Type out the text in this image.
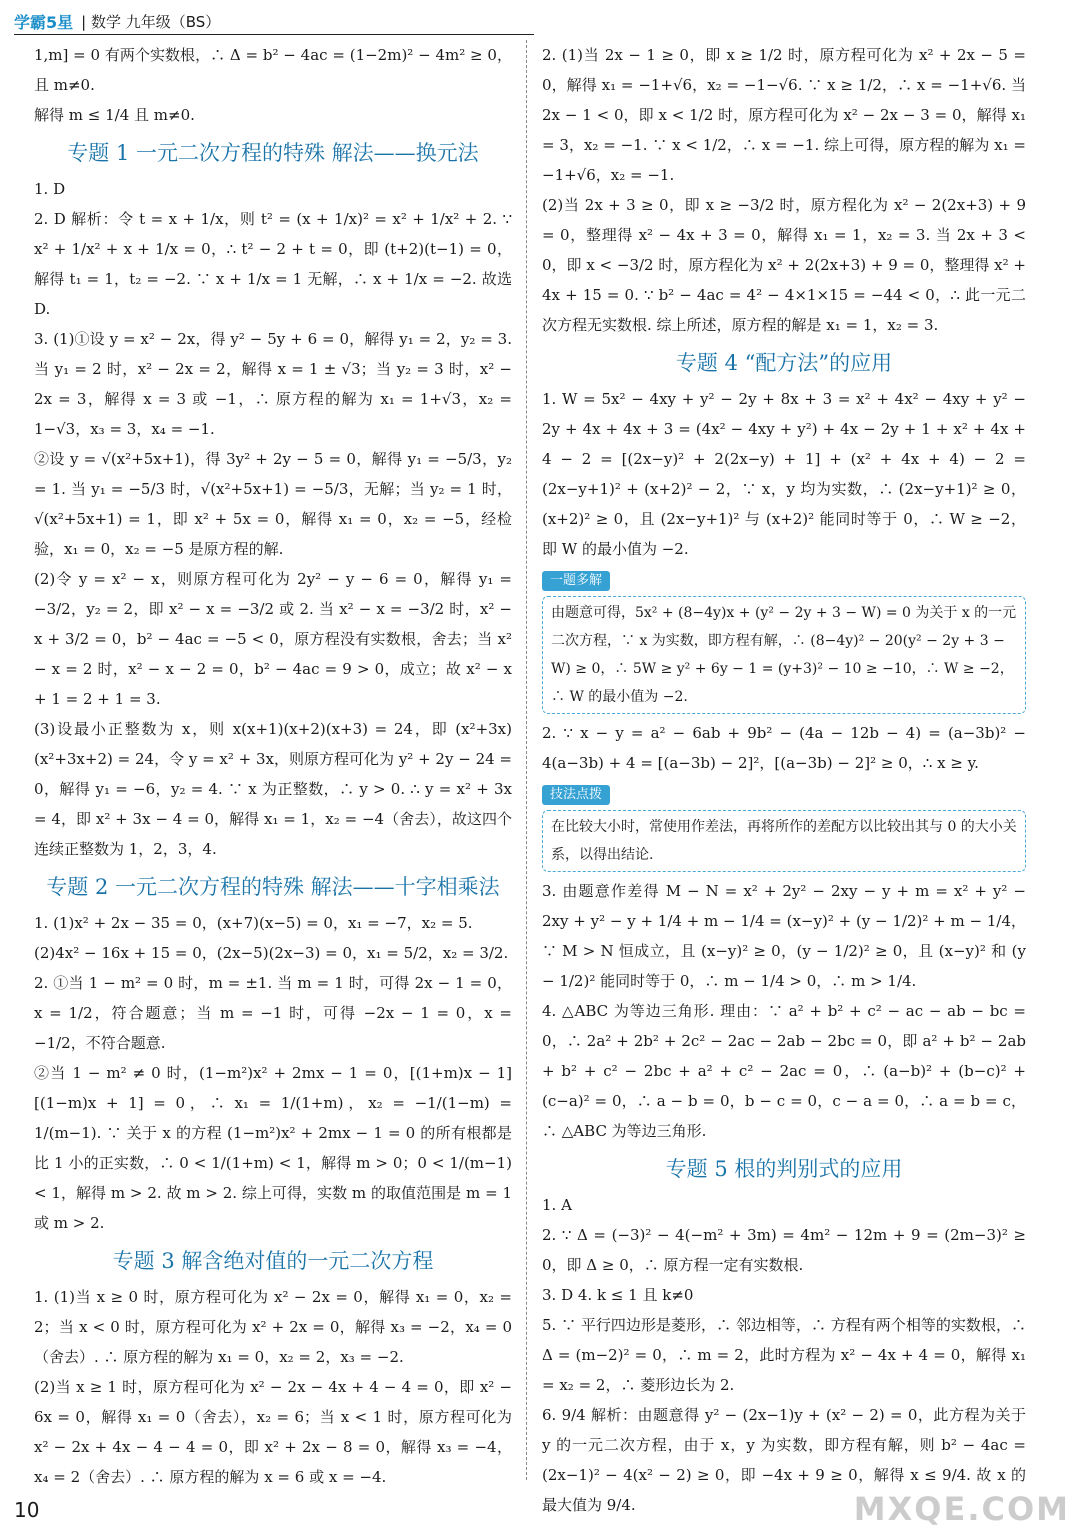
学霸5星 | 数学 九年级（BS）

1,m] = 0 有两个实数根，∴ Δ = b² − 4ac = (1−2m)² − 4m² ≥ 0，且 m≠0.

解得 m ≤ 1/4 且 m≠0.

专题 1 一元二次方程的特殊 解法——换元法

1. D

2. D 解析：令 t = x + 1/x，则 t² = (x + 1/x)² = x² + 1/x² + 2. ∵ x² + 1/x² + x + 1/x = 0，∴ t² − 2 + t = 0，即 (t+2)(t−1) = 0，解得 t₁ = 1，t₂ = −2. ∵ x + 1/x = 1 无解，∴ x + 1/x = −2. 故选 D.

3. (1)①设 y = x² − 2x，得 y² − 5y + 6 = 0，解得 y₁ = 2，y₂ = 3. 当 y₁ = 2 时，x² − 2x = 2，解得 x = 1 ± √3；当 y₂ = 3 时，x² − 2x = 3，解得 x = 3 或 −1，∴ 原方程的解为 x₁ = 1+√3，x₂ = 1−√3，x₃ = 3，x₄ = −1.

②设 y = √(x²+5x+1)，得 3y² + 2y − 5 = 0，解得 y₁ = −5/3，y₂ = 1. 当 y₁ = −5/3 时，√(x²+5x+1) = −5/3，无解；当 y₂ = 1 时，√(x²+5x+1) = 1，即 x² + 5x = 0，解得 x₁ = 0，x₂ = −5，经检验，x₁ = 0，x₂ = −5 是原方程的解.

(2)令 y = x² − x，则原方程可化为 2y² − y − 6 = 0，解得 y₁ = −3/2，y₂ = 2，即 x² − x = −3/2 或 2. 当 x² − x = −3/2 时，x² − x + 3/2 = 0，b² − 4ac = −5 < 0，原方程没有实数根，舍去；当 x² − x = 2 时，x² − x − 2 = 0，b² − 4ac = 9 > 0，成立；故 x² − x + 1 = 2 + 1 = 3.

(3)设最小正整数为 x，则 x(x+1)(x+2)(x+3) = 24，即 (x²+3x)(x²+3x+2) = 24，令 y = x² + 3x，则原方程可化为 y² + 2y − 24 = 0，解得 y₁ = −6，y₂ = 4. ∵ x 为正整数，∴ y > 0. ∴ y = x² + 3x = 4，即 x² + 3x − 4 = 0，解得 x₁ = 1，x₂ = −4（舍去），故这四个连续正整数为 1，2，3，4.

专题 2 一元二次方程的特殊 解法——十字相乘法

1. (1)x² + 2x − 35 = 0，(x+7)(x−5) = 0，x₁ = −7，x₂ = 5.

(2)4x² − 16x + 15 = 0，(2x−5)(2x−3) = 0，x₁ = 5/2，x₂ = 3/2.

2. ①当 1 − m² = 0 时，m = ±1. 当 m = 1 时，可得 2x − 1 = 0，x = 1/2，符合题意；当 m = −1 时，可得 −2x − 1 = 0，x = −1/2，不符合题意.

②当 1 − m² ≠ 0 时，(1−m²)x² + 2mx − 1 = 0，[(1+m)x − 1][(1−m)x + 1] = 0，∴ x₁ = 1/(1+m)，x₂ = −1/(1−m) = 1/(m−1). ∵ 关于 x 的方程 (1−m²)x² + 2mx − 1 = 0 的所有根都是比 1 小的正实数，∴ 0 < 1/(1+m) < 1，解得 m > 0；0 < 1/(m−1) < 1，解得 m > 2. 故 m > 2. 综上可得，实数 m 的取值范围是 m = 1 或 m > 2.

专题 3 解含绝对值的一元二次方程

1. (1)当 x ≥ 0 时，原方程可化为 x² − 2x = 0，解得 x₁ = 0，x₂ = 2；当 x < 0 时，原方程可化为 x² + 2x = 0，解得 x₃ = −2，x₄ = 0（舍去）. ∴ 原方程的解为 x₁ = 0，x₂ = 2，x₃ = −2.

(2)当 x ≥ 1 时，原方程可化为 x² − 2x − 4x + 4 − 4 = 0，即 x² − 6x = 0，解得 x₁ = 0（舍去），x₂ = 6；当 x < 1 时，原方程可化为 x² − 2x + 4x − 4 − 4 = 0，即 x² + 2x − 8 = 0，解得 x₃ = −4，x₄ = 2（舍去）. ∴ 原方程的解为 x = 6 或 x = −4.

2. (1)当 2x − 1 ≥ 0，即 x ≥ 1/2 时，原方程可化为 x² + 2x − 5 = 0，解得 x₁ = −1+√6，x₂ = −1−√6. ∵ x ≥ 1/2，∴ x = −1+√6. 当 2x − 1 < 0，即 x < 1/2 时，原方程可化为 x² − 2x − 3 = 0，解得 x₁ = 3，x₂ = −1. ∵ x < 1/2，∴ x = −1. 综上可得，原方程的解为 x₁ = −1+√6，x₂ = −1.

(2)当 2x + 3 ≥ 0，即 x ≥ −3/2 时，原方程化为 x² − 2(2x+3) + 9 = 0，整理得 x² − 4x + 3 = 0，解得 x₁ = 1，x₂ = 3. 当 2x + 3 < 0，即 x < −3/2 时，原方程化为 x² + 2(2x+3) + 9 = 0，整理得 x² + 4x + 15 = 0. ∵ b² − 4ac = 4² − 4×1×15 = −44 < 0，∴ 此一元二次方程无实数根. 综上所述，原方程的解是 x₁ = 1，x₂ = 3.

专题 4 “配方法”的应用

1. W = 5x² − 4xy + y² − 2y + 8x + 3 = x² + 4x² − 4xy + y² − 2y + 4x + 4x + 3 = (4x² − 4xy + y²) + 4x − 2y + 1 + x² + 4x + 4 − 2 = [(2x−y)² + 2(2x−y) + 1] + (x² + 4x + 4) − 2 = (2x−y+1)² + (x+2)² − 2，∵ x，y 均为实数，∴ (2x−y+1)² ≥ 0，(x+2)² ≥ 0，且 (2x−y+1)² 与 (x+2)² 能同时等于 0，∴ W ≥ −2，即 W 的最小值为 −2.

一题多解
由题意可得，5x² + (8−4y)x + (y² − 2y + 3 − W) = 0 为关于 x 的一元二次方程，∵ x 为实数，即方程有解，∴ (8−4y)² − 20(y² − 2y + 3 − W) ≥ 0，∴ 5W ≥ y² + 6y − 1 = (y+3)² − 10 ≥ −10，∴ W ≥ −2，∴ W 的最小值为 −2.

2. ∵ x − y = a² − 6ab + 9b² − (4a − 12b − 4) = (a−3b)² − 4(a−3b) + 4 = [(a−3b) − 2]²，[(a−3b) − 2]² ≥ 0，∴ x ≥ y.

技法点拨
在比较大小时，常使用作差法，再将所作的差配方以比较出其与 0 的大小关系，以得出结论.

3. 由题意作差得 M − N = x² + 2y² − 2xy − y + m = x² + y² − 2xy + y² − y + 1/4 + m − 1/4 = (x−y)² + (y − 1/2)² + m − 1/4，∵ M > N 恒成立，且 (x−y)² ≥ 0，(y − 1/2)² ≥ 0，且 (x−y)² 和 (y − 1/2)² 能同时等于 0，∴ m − 1/4 > 0，∴ m > 1/4.

4. △ABC 为等边三角形. 理由：∵ a² + b² + c² − ac − ab − bc = 0，∴ 2a² + 2b² + 2c² − 2ac − 2ab − 2bc = 0，即 a² + b² − 2ab + b² + c² − 2bc + a² + c² − 2ac = 0，∴ (a−b)² + (b−c)² + (c−a)² = 0，∴ a − b = 0，b − c = 0，c − a = 0，∴ a = b = c，∴ △ABC 为等边三角形.

专题 5 根的判别式的应用

1. A

2. ∵ Δ = (−3)² − 4(−m² + 3m) = 4m² − 12m + 9 = (2m−3)² ≥ 0，即 Δ ≥ 0，∴ 原方程一定有实数根.

3. D 4. k ≤ 1 且 k≠0

5. ∵ 平行四边形是菱形，∴ 邻边相等，∴ 方程有两个相等的实数根，∴ Δ = (m−2)² = 0，∴ m = 2，此时方程为 x² − 4x + 4 = 0，解得 x₁ = x₂ = 2，∴ 菱形边长为 2.

6. 9/4 解析：由题意得 y² − (2x−1)y + (x² − 2) = 0，此方程为关于 y 的一元二次方程，由于 x，y 为实数，即方程有解，则 b² − 4ac = (2x−1)² − 4(x² − 2) ≥ 0，即 −4x + 9 ≥ 0，解得 x ≤ 9/4. 故 x 的最大值为 9/4.

10	MXQE.COM
